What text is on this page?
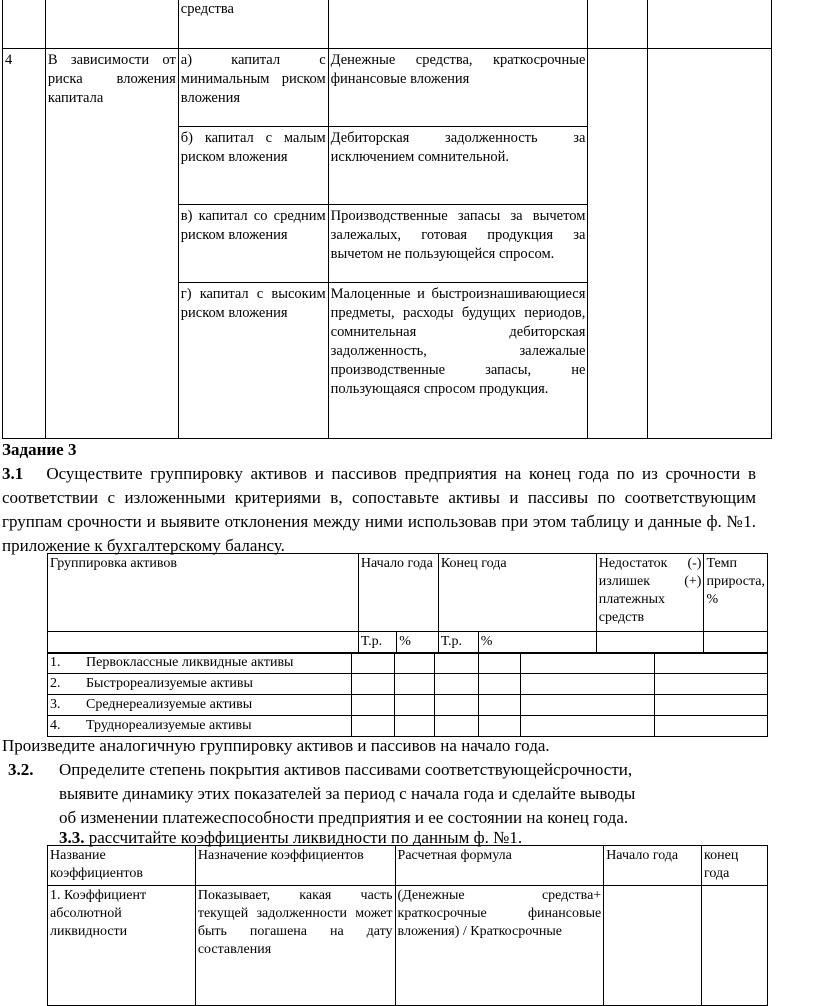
		средства			
4	В зависимости от риска вложения капитала	а) капитал с минимальным риском вложения	Денежные средства, краткосрочные финансовые вложения		
		б) капитал с малым риском вложения	Дебиторская задолженность за исключением сомнительной.		
		в) капитал со средним риском вложения	Производственные запасы за вычетом залежалых, готовая продукция за вычетом не пользующейся спросом.		
		г) капитал с высоким риском вложения	Малоценные и быстроизнашивающиеся предметы, расходы будущих периодов, сомнительная дебиторская задолженность, залежалые производственные запасы, не пользующаяся спросом продукция.		
Задание 3
3.1 Осуществите группировку активов и пассивов предприятия на конец года по из срочности в соответствии с изложенными критериями в, сопоставьте активы и пассивы по соответствующим группам срочности и выявите отклонения между ними использовав при этом таблицу и данные ф. №1. приложение к бухгалтерскому балансу.
Группировка активов	Начало года		Конец года		Недостаток (-) излишек (+) платежных средств	Темп прироста, %
	Т.р.	%	Т.р.	%		
1. Первоклассные ликвидные активы						
2. Быстрореализуемые активы						
3. Среднереализуемые активы						
4. Труднореализуемые активы						
Произведите аналогичную группировку активов и пассивов на начало года.
3.2. Определите степень покрытия активов пассивами соответствующейсрочности,
выявите динамику этих показателей за период с начала года и сделайте выводы
об изменении платежеспособности предприятия и ее состоянии на конец года.
3.3. рассчитайте коэффициенты ликвидности по данным ф. №1.
Название коэффициентов	Назначение коэффициентов	Расчетная формула	Начало года	конец года
1. Коэффициент абсолютной ликвидности	Показывает, какая часть текущей задолженности может быть погашена на дату составления	(Денежные средства+ краткосрочные финансовые вложения) / Краткосрочные		
